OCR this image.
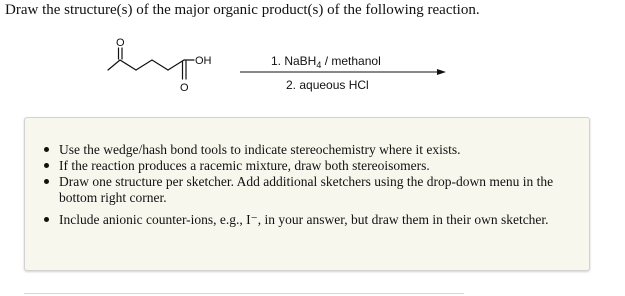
Draw the structure(s) of the major organic product(s) of the following reaction.
O
OH
O
1. NaBH$_4$ / methanol
2. aqueous HCl
Use the wedge/hash bond tools to indicate stereochemistry where it exists.
If the reaction produces a racemic mixture, draw both stereoisomers.
Draw one structure per sketcher. Add additional sketchers using the drop-down menu in the bottom right corner.
Include anionic counter-ions, e.g., I⁻, in your answer, but draw them in their own sketcher.
